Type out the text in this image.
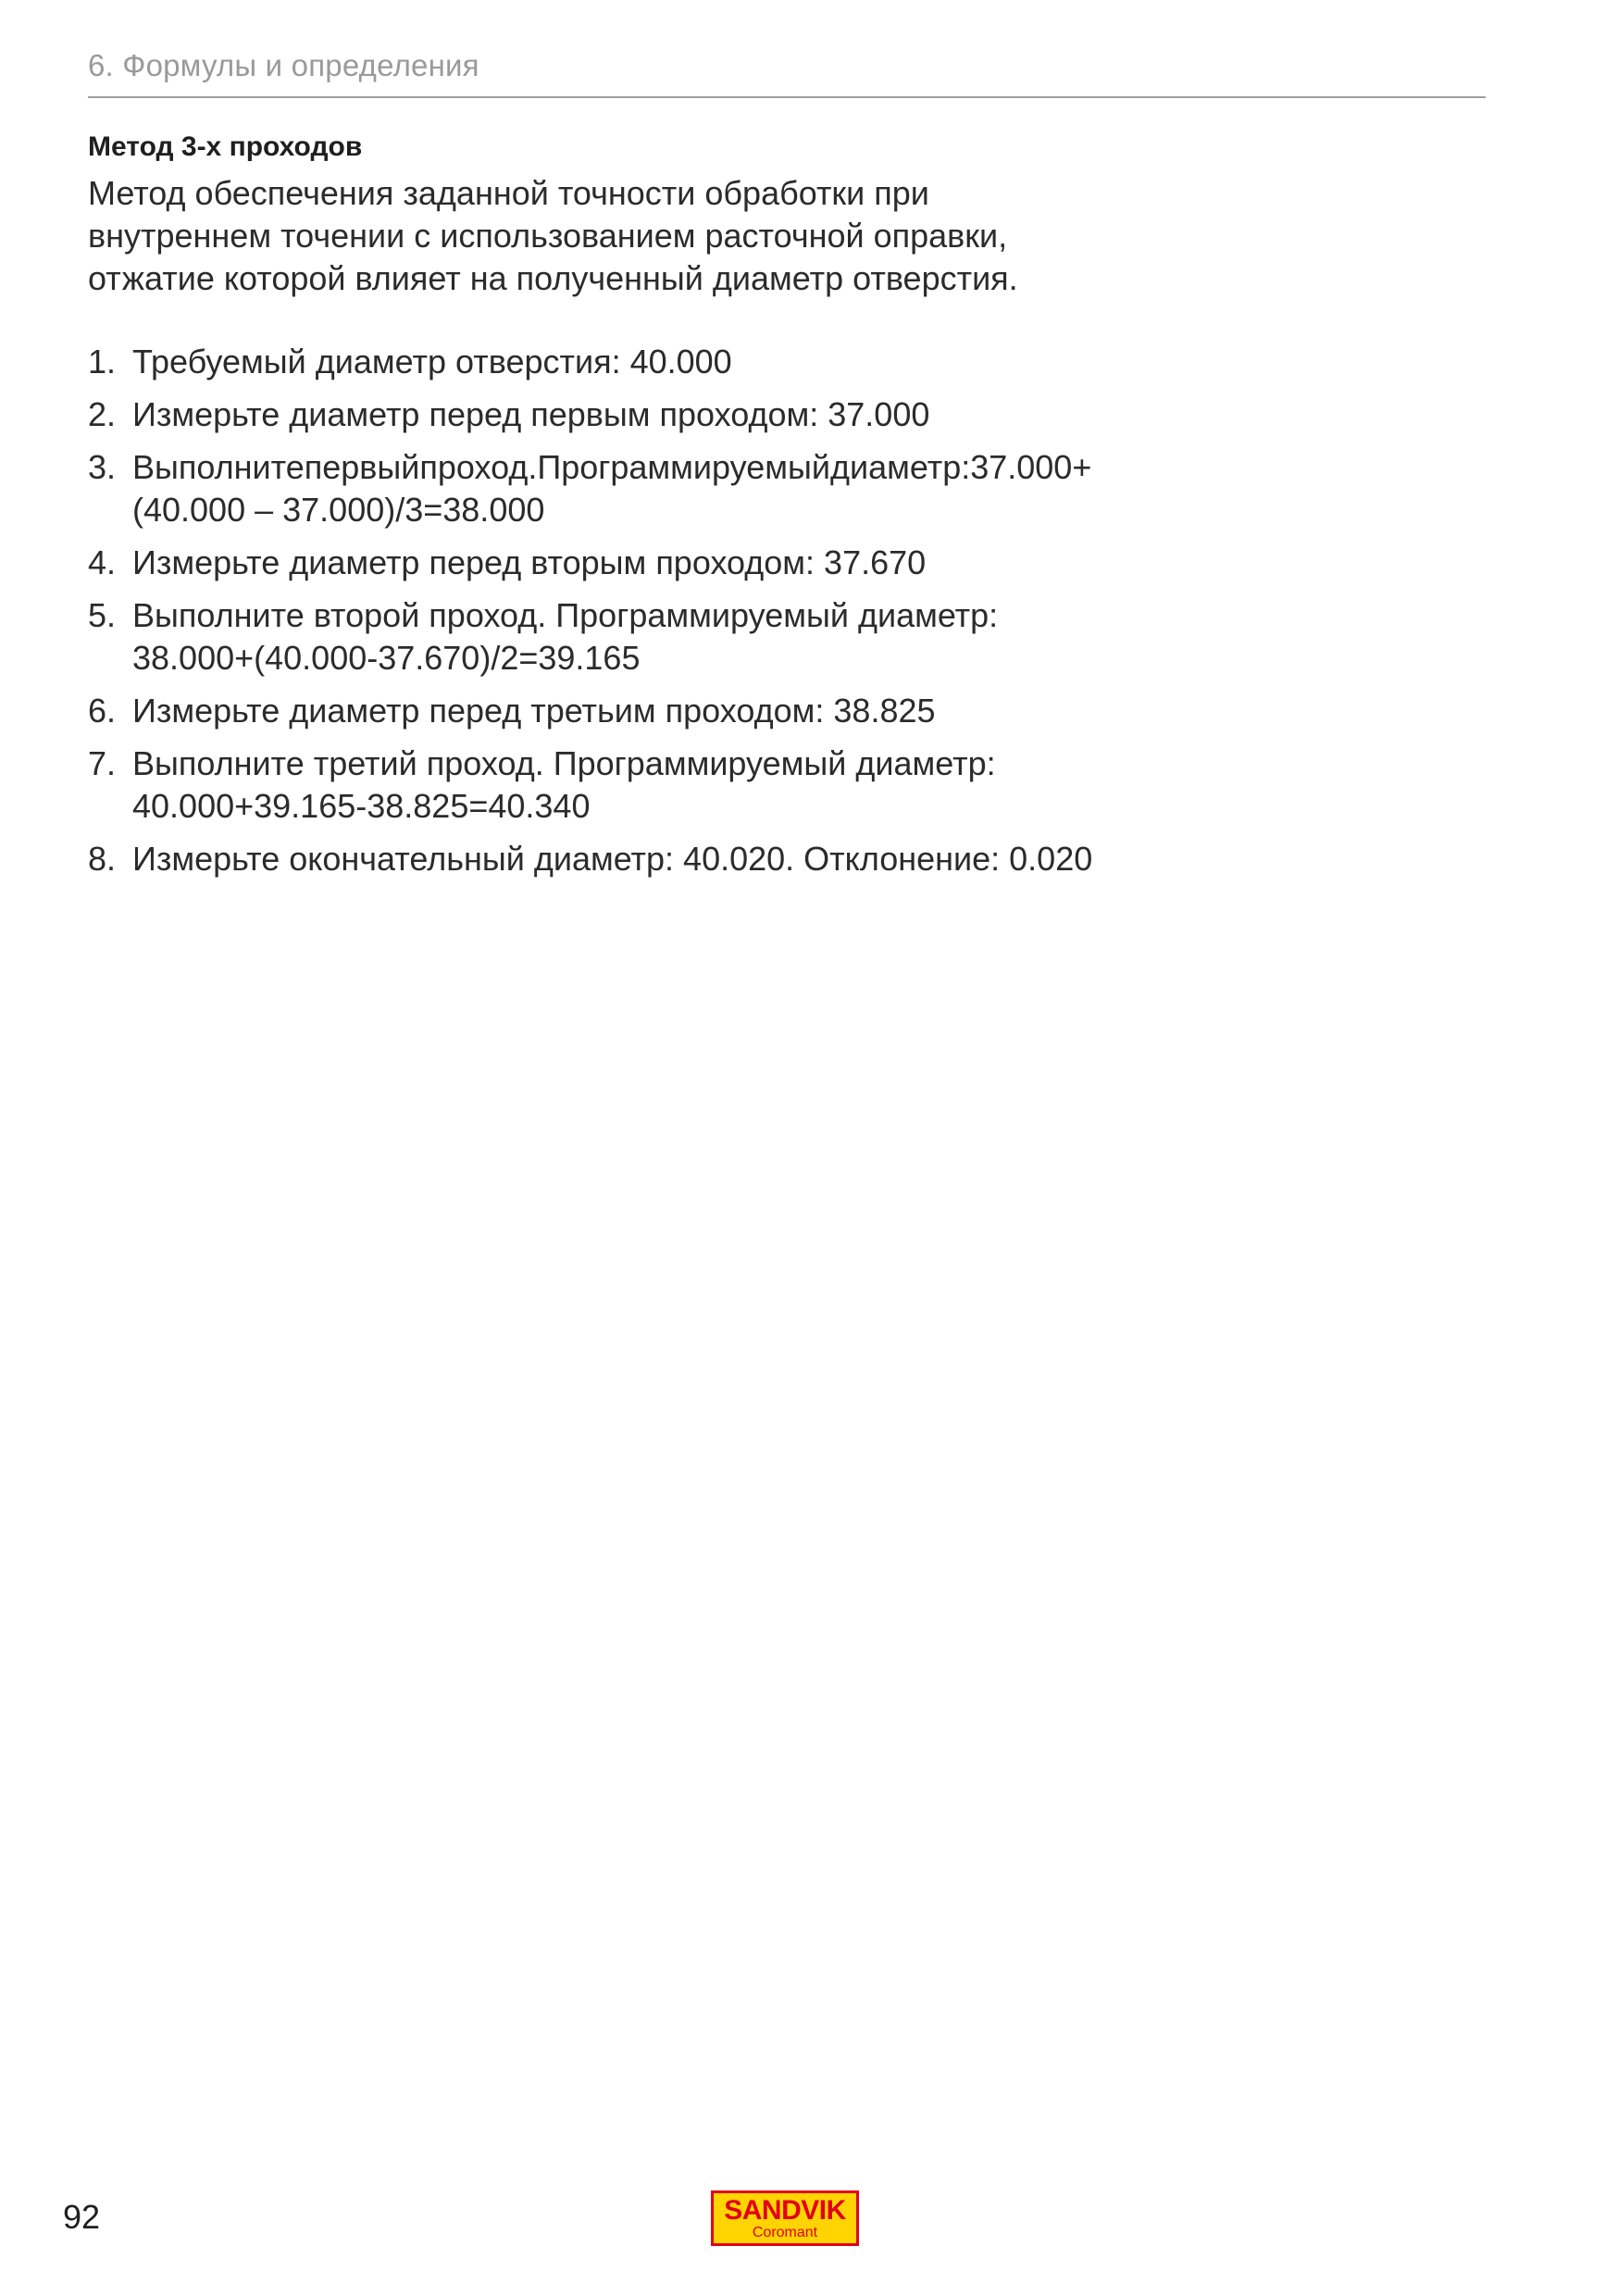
6. Формулы и определения
Метод 3-х проходов
Метод обеспечения заданной точности обработки при
внутреннем точении с использованием расточной оправки,
отжатие которой влияет на полученный диаметр отверстия.
1. Требуемый диаметр отверстия: 40.000
2. Измерьте диаметр перед первым проходом: 37.000
3. Выполнитепервыйпроход.Программируемыйдиаметр:37.000+
(40.000 – 37.000)/3=38.000
4. Измерьте диаметр перед вторым проходом: 37.670
5. Выполните второй проход. Программируемый диаметр:
38.000+(40.000-37.670)/2=39.165
6. Измерьте диаметр перед третьим проходом: 38.825
7. Выполните третий проход. Программируемый диаметр:
40.000+39.165-38.825=40.340
8. Измерьте окончательный диаметр: 40.020. Отклонение: 0.020
92	SANDVIK
Coromant
